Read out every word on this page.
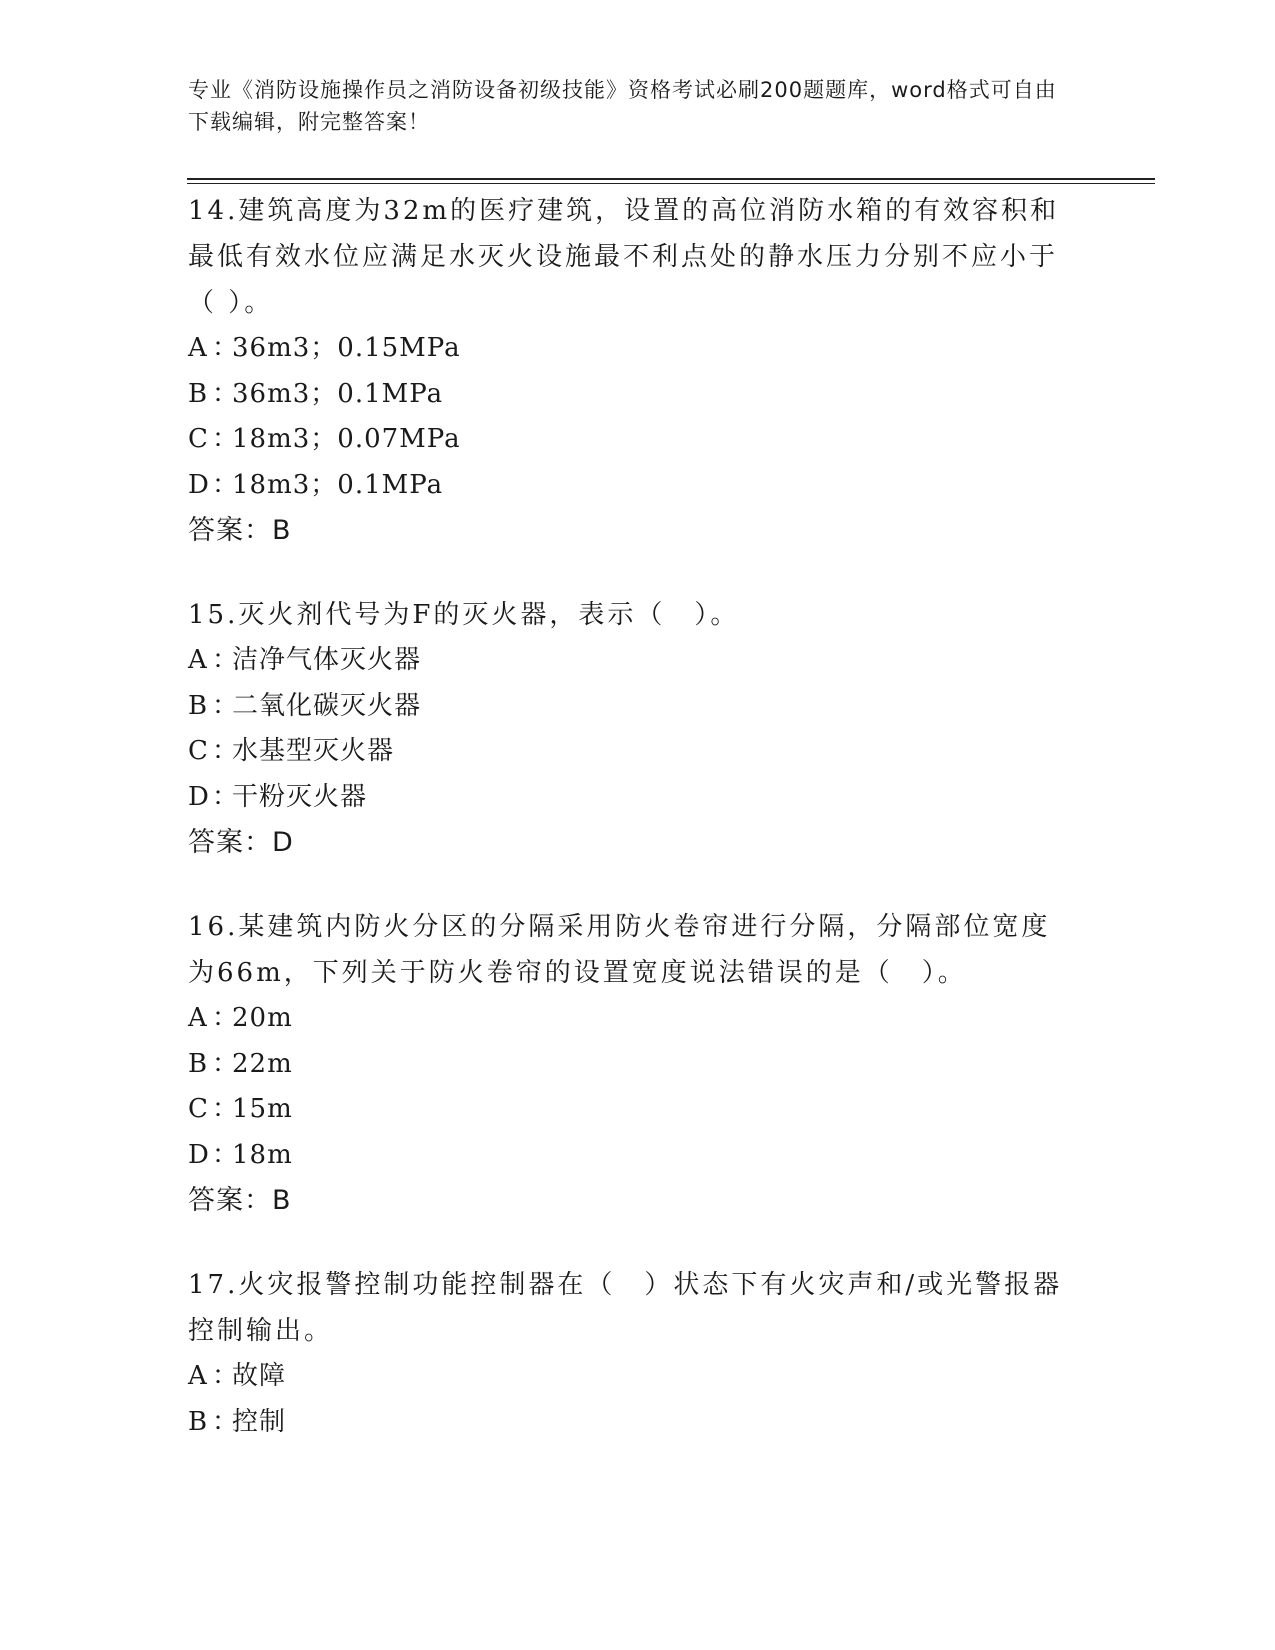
专业《消防设施操作员之消防设备初级技能》资格考试必刷200题题库，word格式可自由下载编辑，附完整答案！

14.建筑高度为32m的医疗建筑，设置的高位消防水箱的有效容积和最低有效水位应满足水灭火设施最不利点处的静水压力分别不应小于（ ）。

A ：36m3；0.15MPa
B ：36m3；0.1MPa
C ：18m3；0.07MPa
D：18m3；0.1MPa
答案：B

15.灭火剂代号为F的灭火器，表示（　）。

A ：洁净气体灭火器
B ：二氧化碳灭火器
C ：水基型灭火器
D：干粉灭火器
答案：D

16.某建筑内防火分区的分隔采用防火卷帘进行分隔，分隔部位宽度为66m，下列关于防火卷帘的设置宽度说法错误的是（　）。

A ：20m
B ：22m
C ：15m
D：18m
答案：B

17.火灾报警控制功能控制器在（　）状态下有火灾声和/或光警报器控制输出。

A ：故障
B ：控制
